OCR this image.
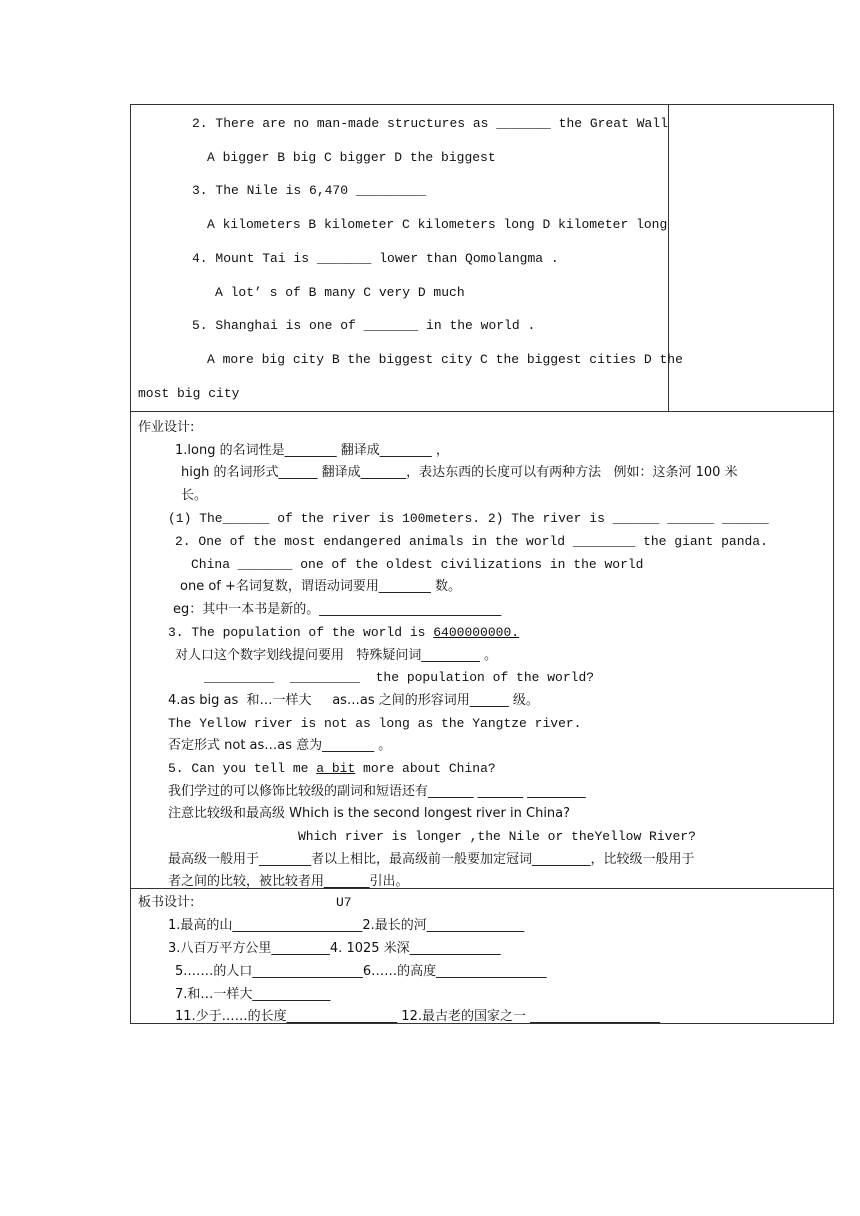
2. There are no man-made structures as _______ the Great Wall
A bigger B big C bigger D the biggest
3. The Nile is 6,470 _________
A kilometers B kilometer C kilometers long D kilometer long
4. Mount Tai is _______ lower than Qomolangma .
A lot’ s of B many C very D much
5. Shanghai is one of _______ in the world .
A more big city B the biggest city C the biggest cities D the
most big city
作业设计:
1.long 的名词性是________ 翻译成________ ，
high 的名词形式______ 翻译成_______，表达东西的长度可以有两种方法   例如：这条河 100 米
长。
(1) The______ of the river is 100meters. 2) The river is ______ ______ ______
2. One of the most endangered animals in the world ________ the giant panda.
China _______ one of the oldest civilizations in the world
one of +名词复数，谓语动词要用________ 数。
eg：其中一本书是新的。____________________________
3. The population of the world is 6400000000.
对人口这个数字划线提问要用   特殊疑问词_________ 。
_________  _________  the population of the world?
4.as big as  和…一样大     as…as 之间的形容词用______ 级。
The Yellow river is not as long as the Yangtze river.
否定形式 not as…as 意为________ 。
5. Can you tell me a bit more about China?
我们学过的可以修饰比较级的副词和短语还有_______ _______ _________
注意比较级和最高级 Which is the second longest river in China?
Which river is longer ,the Nile or theYellow River?
最高级一般用于________者以上相比，最高级前一般要加定冠词_________，比较级一般用于
者之间的比较，被比较者用_______引出。
板书设计:	U7
1.最高的山____________________2.最长的河_______________
3.八百万平方公里_________4. 1025 米深______________
5.……的人口_________________6……的高度_________________
7.和…一样大____________
11.少于……的长度_________________ 12.最古老的国家之一 ____________________
